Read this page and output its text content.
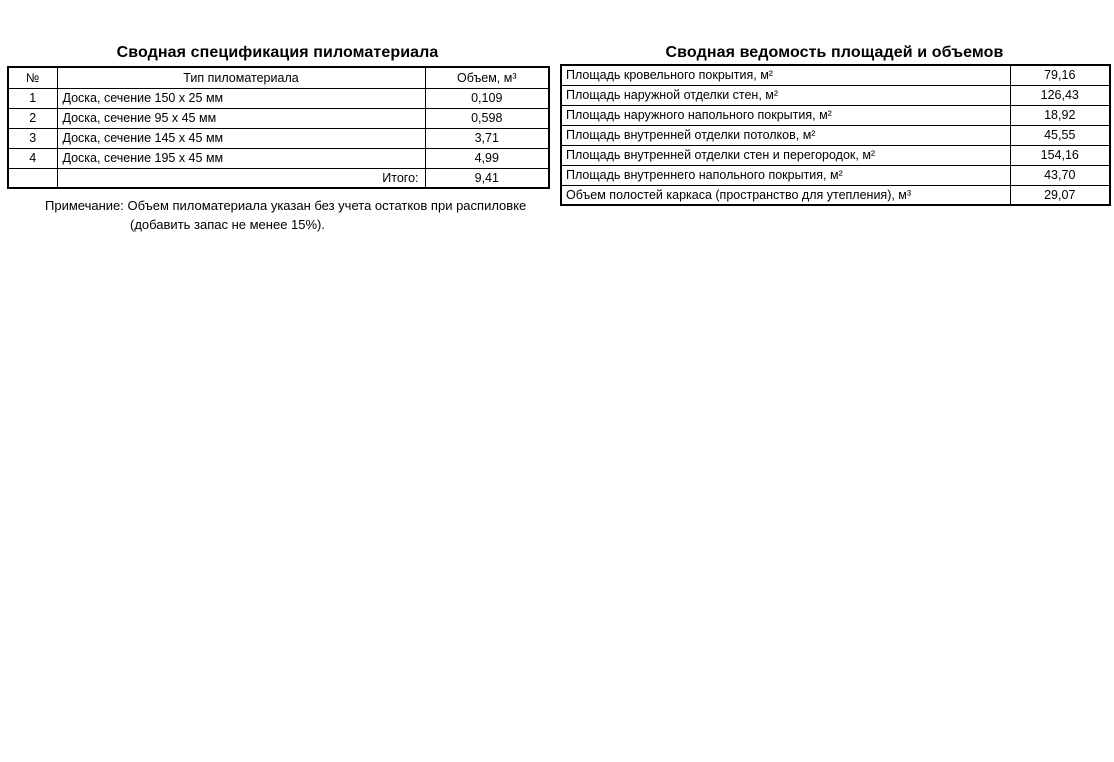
Сводная спецификация пиломатериала
№	Тип пиломатериала	Объем, м³
1	Доска, сечение 150 х 25 мм	0,109
2	Доска, сечение 95 х 45 мм	0,598
3	Доска, сечение 145 х 45 мм	3,71
4	Доска, сечение 195 х 45 мм	4,99
	Итого:	9,41
Примечание: Объем пиломатериала указан без учета остатков при распиловке
(добавить запас не менее 15%).
Сводная ведомость площадей и объемов
Площадь кровельного покрытия, м²	79,16
Площадь наружной отделки стен, м²	126,43
Площадь наружного напольного покрытия, м²	18,92
Площадь внутренней отделки потолков, м²	45,55
Площадь внутренней отделки стен и перегородок, м²	154,16
Площадь внутреннего напольного покрытия, м²	43,70
Объем полостей каркаса (пространство для утепления), м³	29,07
